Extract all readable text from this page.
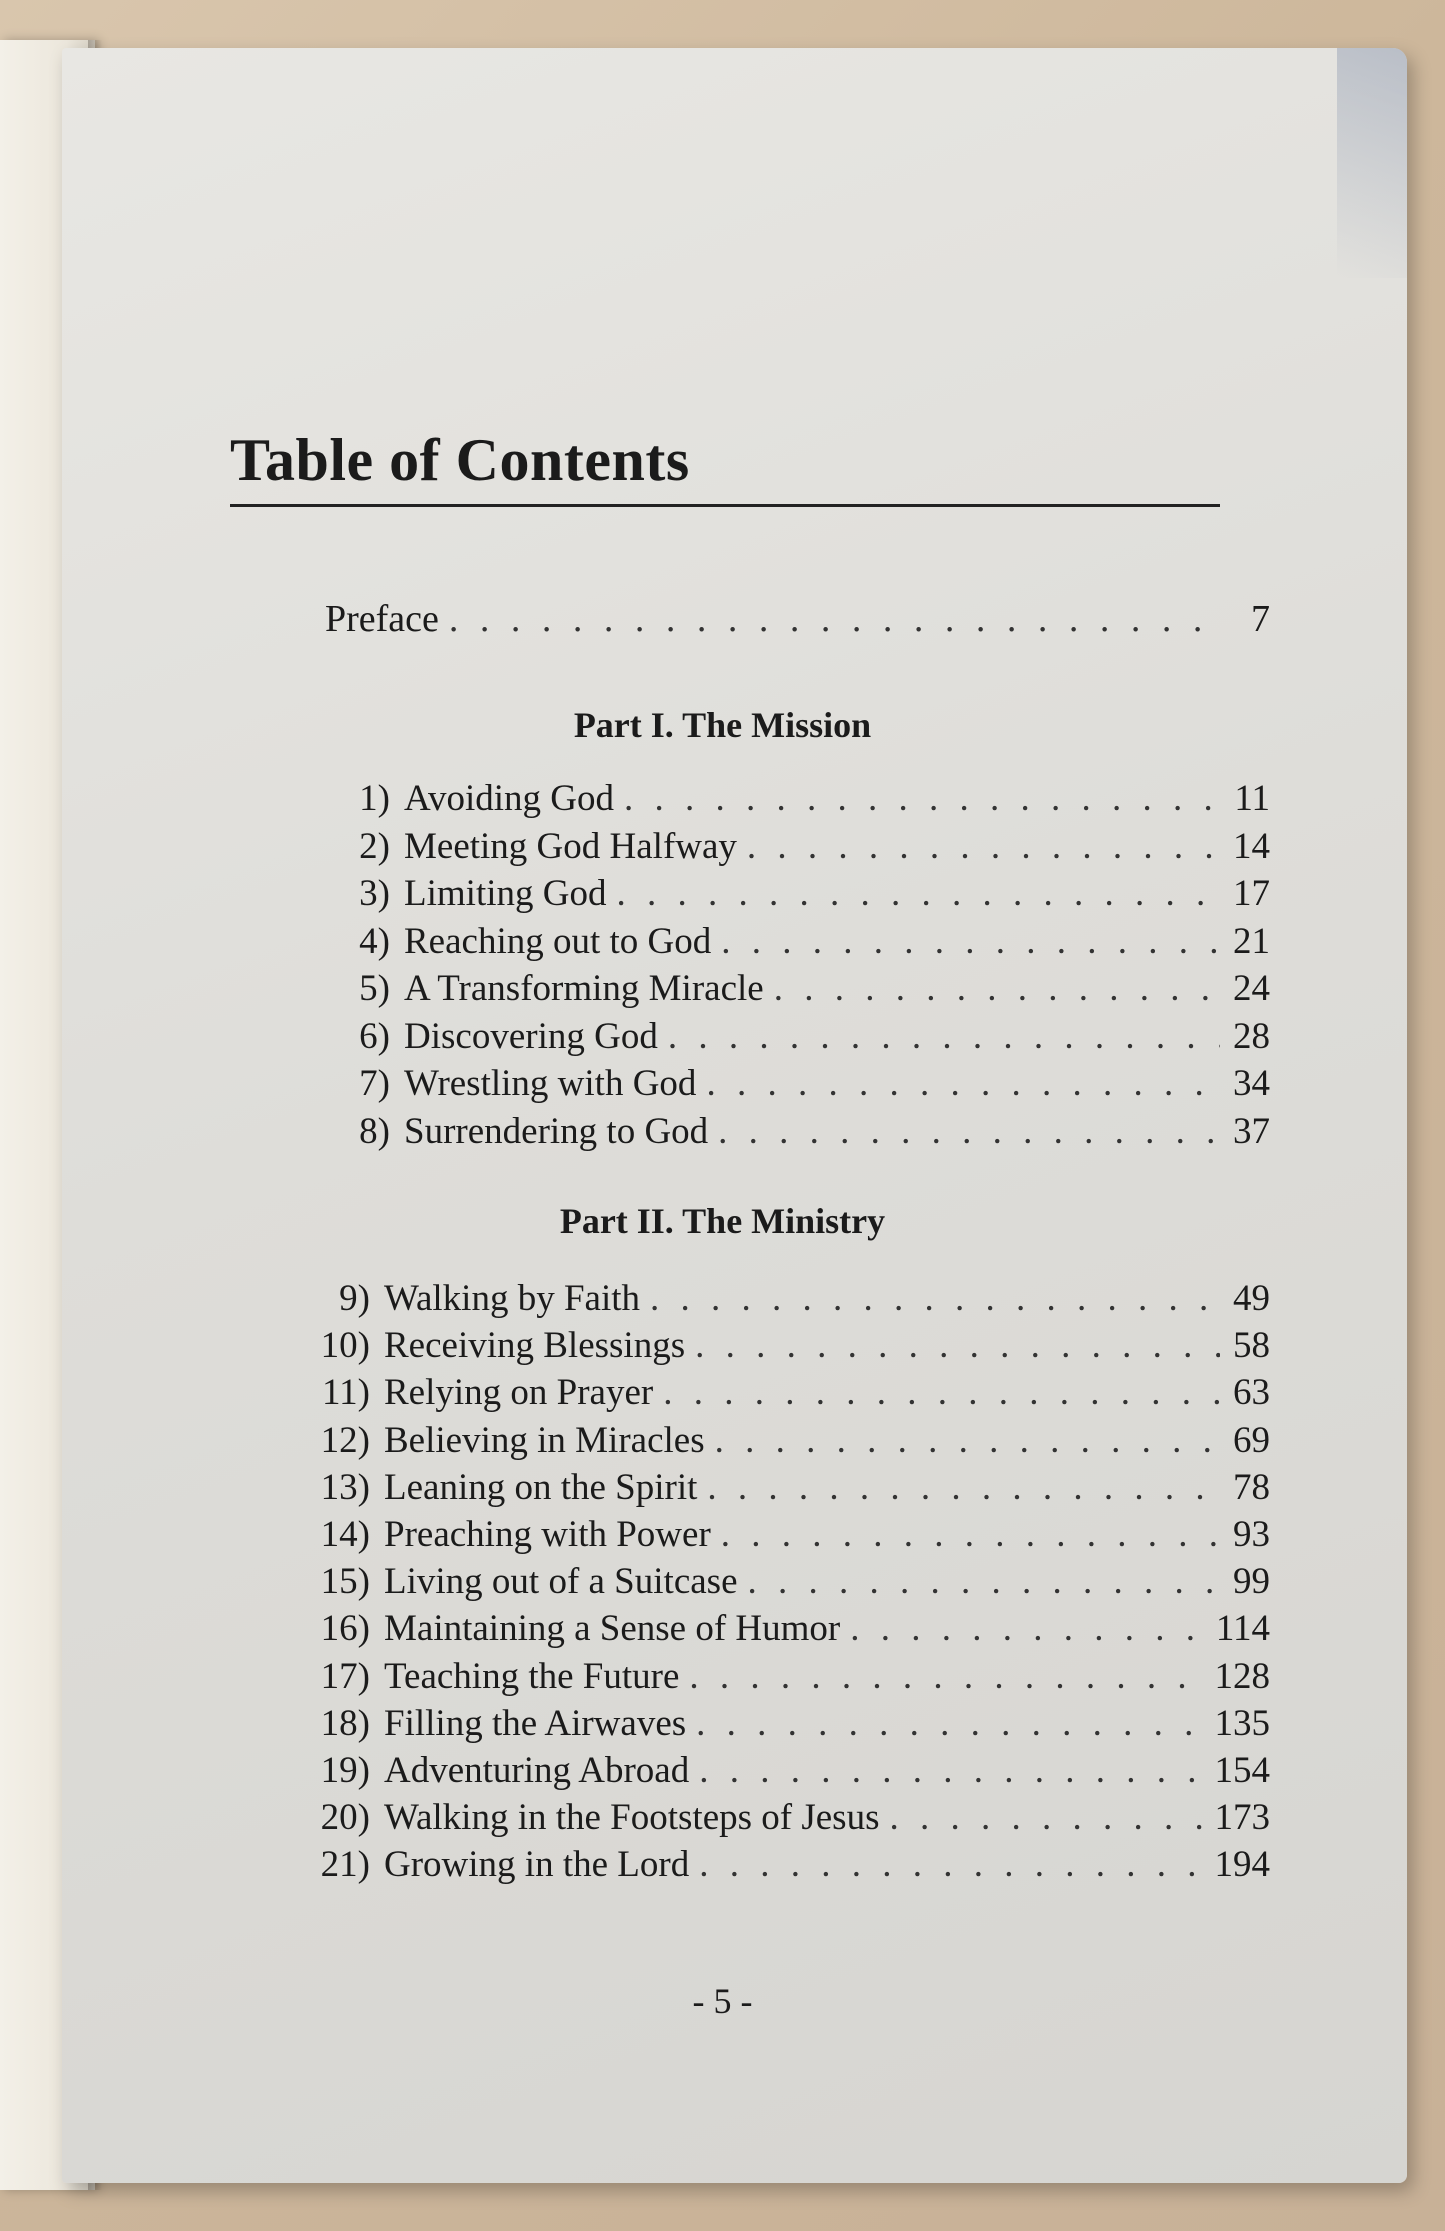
Table of Contents
Preface . . .	7
Part I. The Mission
1) Avoiding God . . .	11
2) Meeting God Halfway . . .	14
3) Limiting God . . .	17
4) Reaching out to God . . .	21
5) A Transforming Miracle . . .	24
6) Discovering God . . .	28
7) Wrestling with God . . .	34
8) Surrendering to God . . .	37
Part II. The Ministry
9) Walking by Faith . . .	49
10) Receiving Blessings . . .	58
11) Relying on Prayer . . .	63
12) Believing in Miracles . . .	69
13) Leaning on the Spirit . . .	78
14) Preaching with Power . . .	93
15) Living out of a Suitcase . . .	99
16) Maintaining a Sense of Humor . . .	114
17) Teaching the Future . . .	128
18) Filling the Airwaves . . .	135
19) Adventuring Abroad . . .	154
20) Walking in the Footsteps of Jesus . . .	173
21) Growing in the Lord . . .	194
- 5 -
